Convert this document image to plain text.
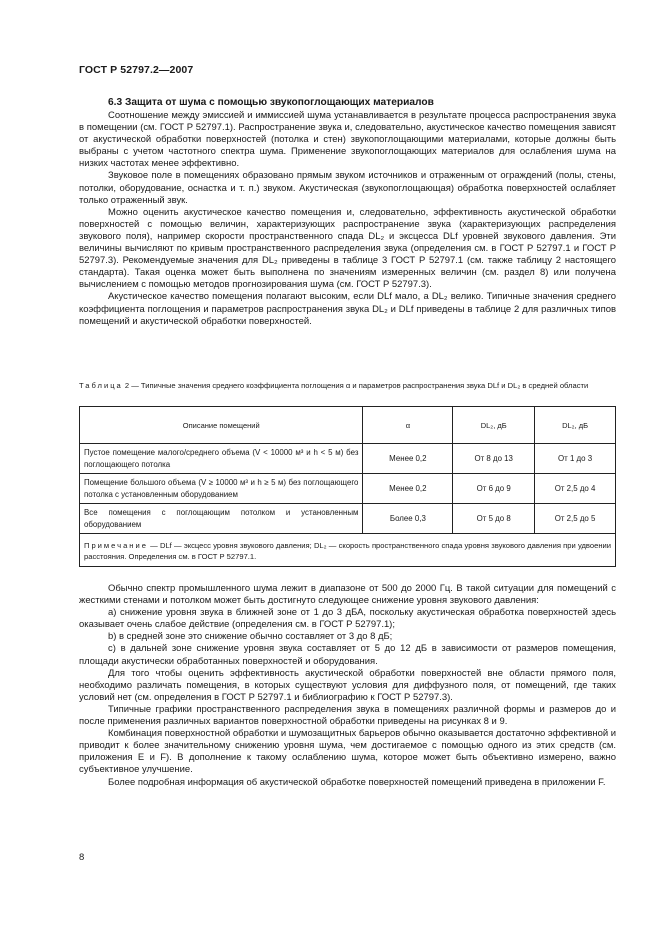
ГОСТ Р 52797.2—2007
6.3 Защита от шума с помощью звукопоглощающих материалов

Соотношение между эмиссией и иммиссией шума устанавливается в результате процесса распространения звука в помещении (см. ГОСТ Р 52797.1). Распространение звука и, следовательно, акустическое качество помещения зависят от акустической обработки поверхностей (потолка и стен) звукопоглощающими материалами, которые должны быть выбраны с учетом частотного спектра шума. Применение звукопоглощающих материалов для ослабления шума на низких частотах менее эффективно.

Звуковое поле в помещениях образовано прямым звуком источников и отраженным от ограждений (полы, стены, потолки, оборудование, оснастка и т. п.) звуком. Акустическая (звукопоглощающая) обработка поверхностей ослабляет только отраженный звук.

Можно оценить акустическое качество помещения и, следовательно, эффективность акустической обработки поверхностей с помощью величин, характеризующих распространение звука (характеризующих распределения звукового поля), например скорости пространственного спада DL₂ и эксцесса DLf уровней звукового давления. Эти величины вычисляют по кривым пространственного распределения звука (определения см. в ГОСТ Р 52797.1 и ГОСТ Р 52797.3). Рекомендуемые значения для DL₂ приведены в таблице 3 ГОСТ Р 52797.1 (см. также таблицу 2 настоящего стандарта). Такая оценка может быть выполнена по значениям измеренных величин (см. раздел 8) или получена вычислением с помощью методов прогнозирования шума (см. ГОСТ Р 52797.3).

Акустическое качество помещения полагают высоким, если DLf мало, а DL₂ велико. Типичные значения среднего коэффициента поглощения и параметров распространения звука DL₂ и DLf приведены в таблице 2 для различных типов помещений и акустической обработки поверхностей.

Таблица 2 — Типичные значения среднего коэффициента поглощения α и параметров распространения звука DLf и DL₂ в средней области
Описание помещений	α	DL₂, дБ	DL₂, дБ
Пустое помещение малого/среднего объема (V < 10000 м³ и h < 5 м) без поглощающего потолка	Менее 0,2	От 8 до 13	От 1 до 3
Помещение большого объема (V ≥ 10000 м³ и h ≥ 5 м) без поглощающего потолка с установленным оборудованием	Менее 0,2	От 6 до 9	От 2,5 до 4
Все помещения с поглощающим потолком и установленным оборудованием	Более 0,3	От 5 до 8	От 2,5 до 5
Примечание — DLf — эксцесс уровня звукового давления; DL₂ — скорость пространственного спада уровня звукового давления при удвоении расстояния. Определения см. в ГОСТ Р 52797.1.			

Обычно спектр промышленного шума лежит в диапазоне от 500 до 2000 Гц. В такой ситуации для помещений с жесткими стенами и потолком может быть достигнуто следующее снижение уровня звукового давления:

a) снижение уровня звука в ближней зоне от 1 до 3 дБА, поскольку акустическая обработка поверхностей здесь оказывает очень слабое действие (определения см. в ГОСТ Р 52797.1);

b) в средней зоне это снижение обычно составляет от 3 до 8 дБ;

c) в дальней зоне снижение уровня звука составляет от 5 до 12 дБ в зависимости от размеров помещения, площади акустически обработанных поверхностей и оборудования.

Для того чтобы оценить эффективность акустической обработки поверхностей вне области прямого поля, необходимо различать помещения, в которых существуют условия для диффузного поля, от помещений, где таких условий нет (см. определения в ГОСТ Р 52797.1 и библиографию к ГОСТ Р 52797.3).

Типичные графики пространственного распределения звука в помещениях различной формы и размеров до и после применения различных вариантов поверхностной обработки приведены на рисунках 8 и 9.

Комбинация поверхностной обработки и шумозащитных барьеров обычно оказывается достаточно эффективной и приводит к более значительному снижению уровня шума, чем достигаемое с помощью одного из этих средств (см. приложения Е и F). В дополнение к такому ослаблению шума, которое может быть объективно измерено, важно субъективное улучшение.

Более подробная информация об акустической обработке поверхностей помещений приведена в приложении F.

8
